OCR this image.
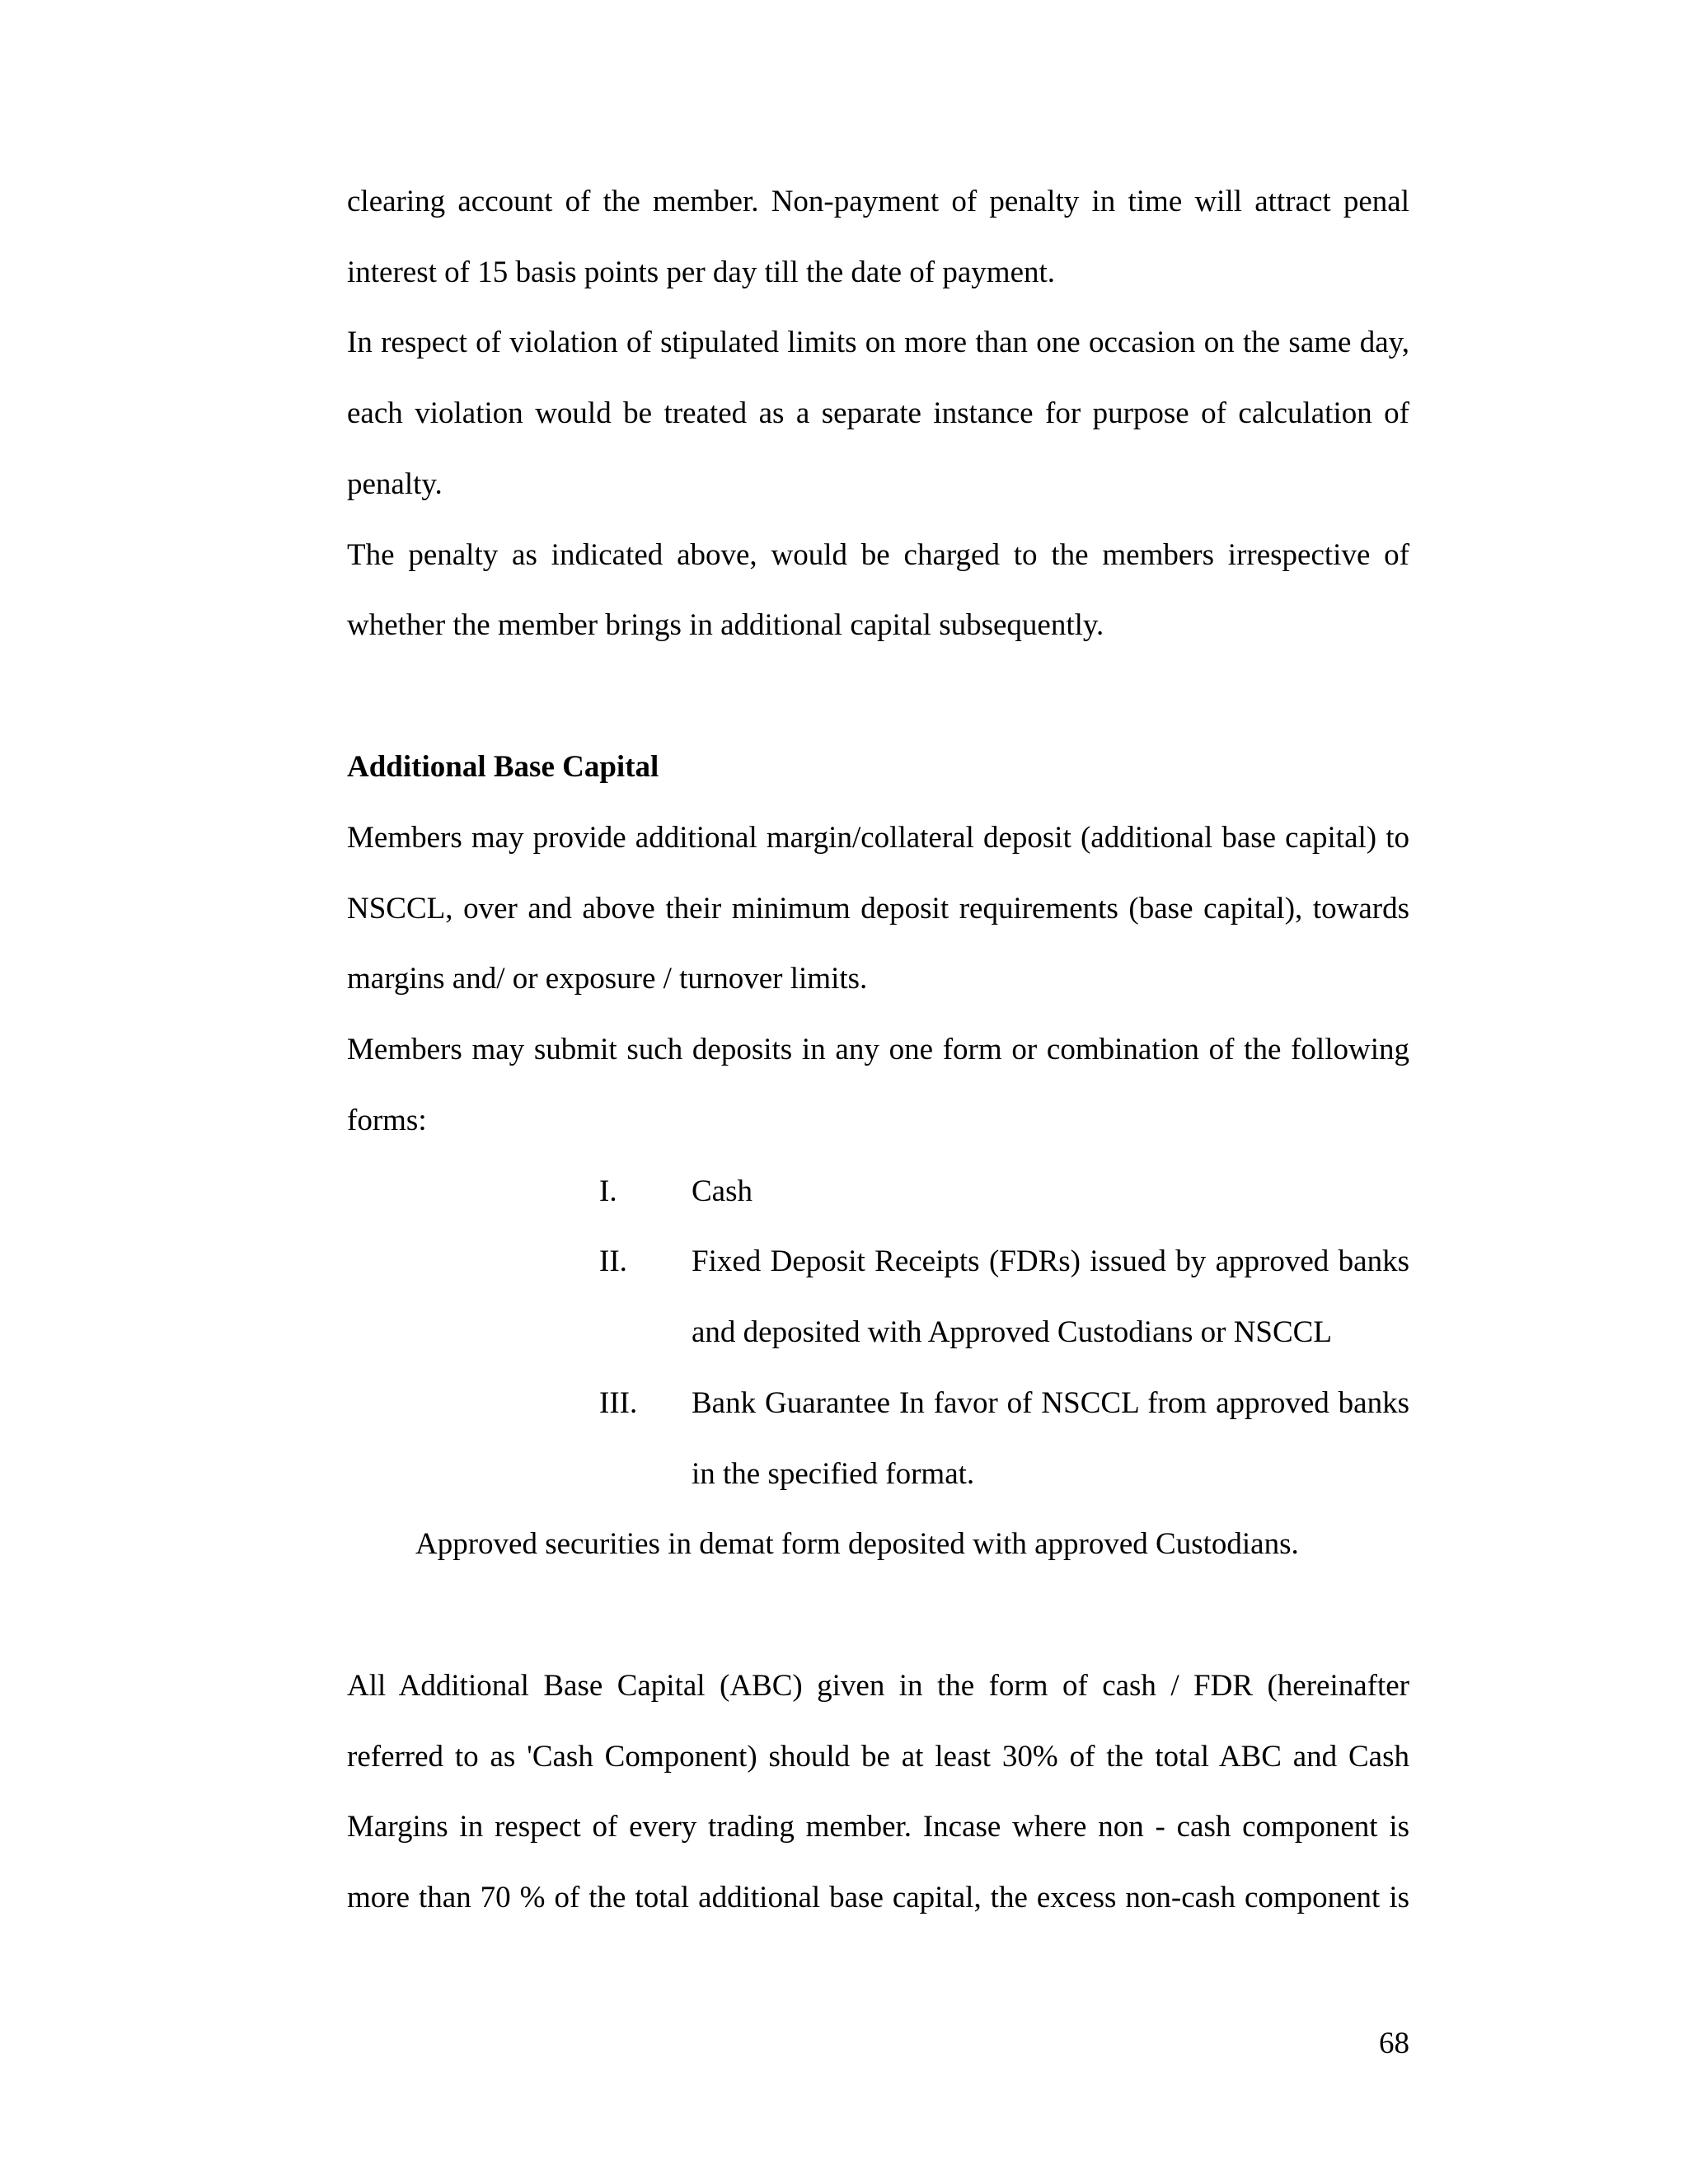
clearing account of the member. Non-payment of penalty in time will attract penal
interest of 15 basis points per day till the date of payment.
In respect of violation of stipulated limits on more than one occasion on the same day,
each violation would be treated as a separate instance for purpose of calculation of
penalty.
The penalty as indicated above, would be charged to the members irrespective of
whether the member brings in additional capital subsequently.
Additional Base Capital
Members may provide additional margin/collateral deposit (additional base capital) to
NSCCL, over and above their minimum deposit requirements (base capital), towards
margins and/ or exposure / turnover limits.
Members may submit such deposits in any one form or combination of the following
forms:
I. Cash
II. Fixed Deposit Receipts (FDRs) issued by approved banks
and deposited with Approved Custodians or NSCCL
III. Bank Guarantee In favor of NSCCL from approved banks
in the specified format.
Approved securities in demat form deposited with approved Custodians.
All Additional Base Capital (ABC) given in the form of cash / FDR (hereinafter
referred to as 'Cash Component) should be at least 30% of the total ABC and Cash
Margins in respect of every trading member. Incase where non - cash component is
more than 70 % of the total additional base capital, the excess non-cash component is
68
